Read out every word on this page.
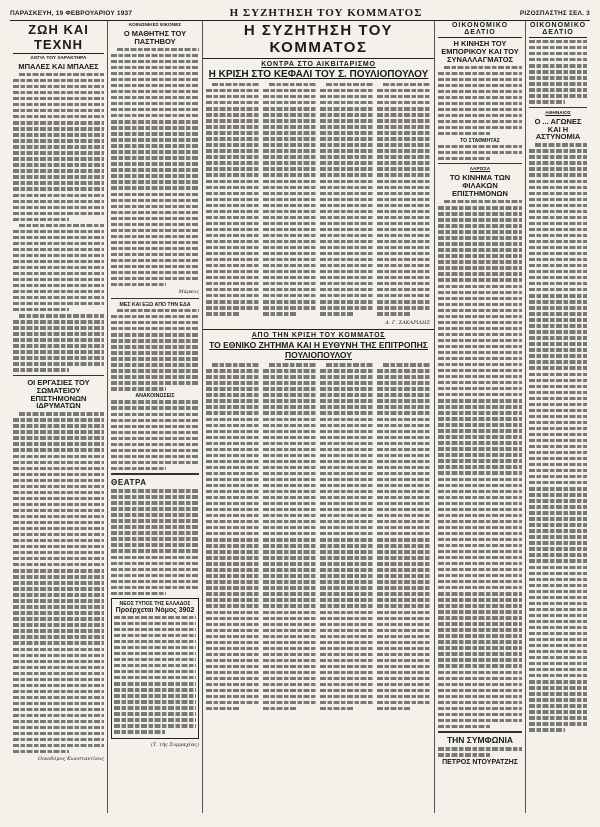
ΠΑΡΑΣΚΕΥΗ, 19 ΦΕΒΡΟΥΑΡΙΟΥ 1937	Η ΣΥΖΗΤΗΣΗ ΤΟΥ ΚΟΜΜΑΤΟΣ	ΡΙΖΟΣΠΑΣΤΗΣ ΣΕΛ. 3
ΖΩΗ ΚΑΙ ΤΕΧΝΗ
ΛΟΓΙΑ ΤΟΥ ΧΑΡΑΚΤΗΡΑ
ΜΠΑΛΕΣ ΚΑΙ ΜΠΑΛΕΣ
ΟΙ ΕΡΓΑΣΙΕΣ ΤΟΥ ΣΩΜΑΤΕΙΟΥ ΕΠΙΣΤΗΜΟΝΩΝ ΙΔΡΥΜΑΤΩΝ
Οικοδόμος Κωνσταντίνος
ΚΟΙΝΩΝΙΚΕΣ ΕΙΚΟΝΕΣ
Ο ΜΑΘΗΤΗΣ ΤΟΥ ΠΑΣΤΗΒΟΥ
Μάρκος
ΜΕΣ ΚΑΙ ΕΞΩ ΑΠΟ ΤΗΝ ΕΔΑ
ΑΝΑΚΟΙΝΩΣΕΙΣ
ΘΕΑΤΡΑ
ΝΕΟΣ ΤΥΠΟΣ ΤΗΣ ΕΛΛΑΔΟΣ
Προέρχεται Νόμος 3902
(Τ. τής Συμμαχίας)
Η ΣΥΖΗΤΗΣΗ ΤΟΥ ΚΟΜΜΑΤΟΣ
ΚΟΝΤΡΑ ΣΤΟ ΑΙΚΒΙΤΑΡΙΣΜΟ
Η ΚΡΙΣΗ ΣΤΟ ΚΕΦΑΛΙ ΤΟΥ Σ. ΠΟΥΛΙΟΠΟΥΛΟΥ
Δ. Γ. ΣΑΚΑΡΙΔΗΣ
ΑΠΟ ΤΗΝ ΚΡΙΣΗ ΤΟΥ ΚΟΜΜΑΤΟΣ
ΤΟ ΕΘΝΙΚΟ ΖΗΤΗΜΑ ΚΑΙ Η ΕΥΘΥΝΗ ΤΗΣ ΕΠΙΤΡΟΠΗΣ ΠΟΥΛΙΟΠΟΥΛΟΥ
ΟΙΚΟΝΟΜΙΚΟ ΔΕΛΤΙΟ
Η ΚΙΝΗΣΗ ΤΟΥ ΕΜΠΟΡΙΚΟΥ ΚΑΙ ΤΟΥ ΣΥΝΑΛΛΑΓΜΑΤΟΣ
ΤΟ ΣΤΑΘΜΗΤΑΣ
ΛΑΡΙΣΣΑ
ΤΟ ΚΙΝΗΜΑ ΤΩΝ ΦΙΛΑΚΩΝ ΕΠΙΣΤΗΜΟΝΩΝ
ΤΗΝ ΣΥΜΦΩΝΙΑ
ΠΕΤΡΟΣ ΝΤΟΥΡΑΤΖΗΣ
ΟΙΚΟΝΟΜΙΚΟ ΔΕΛΤΙΟ
ΑΘΗΝΑΙΟΣ
Ο ... ΑΓΩΝΕΣ ΚΑΙ Η ΑΣΤΥΝΟΜΙΑ
